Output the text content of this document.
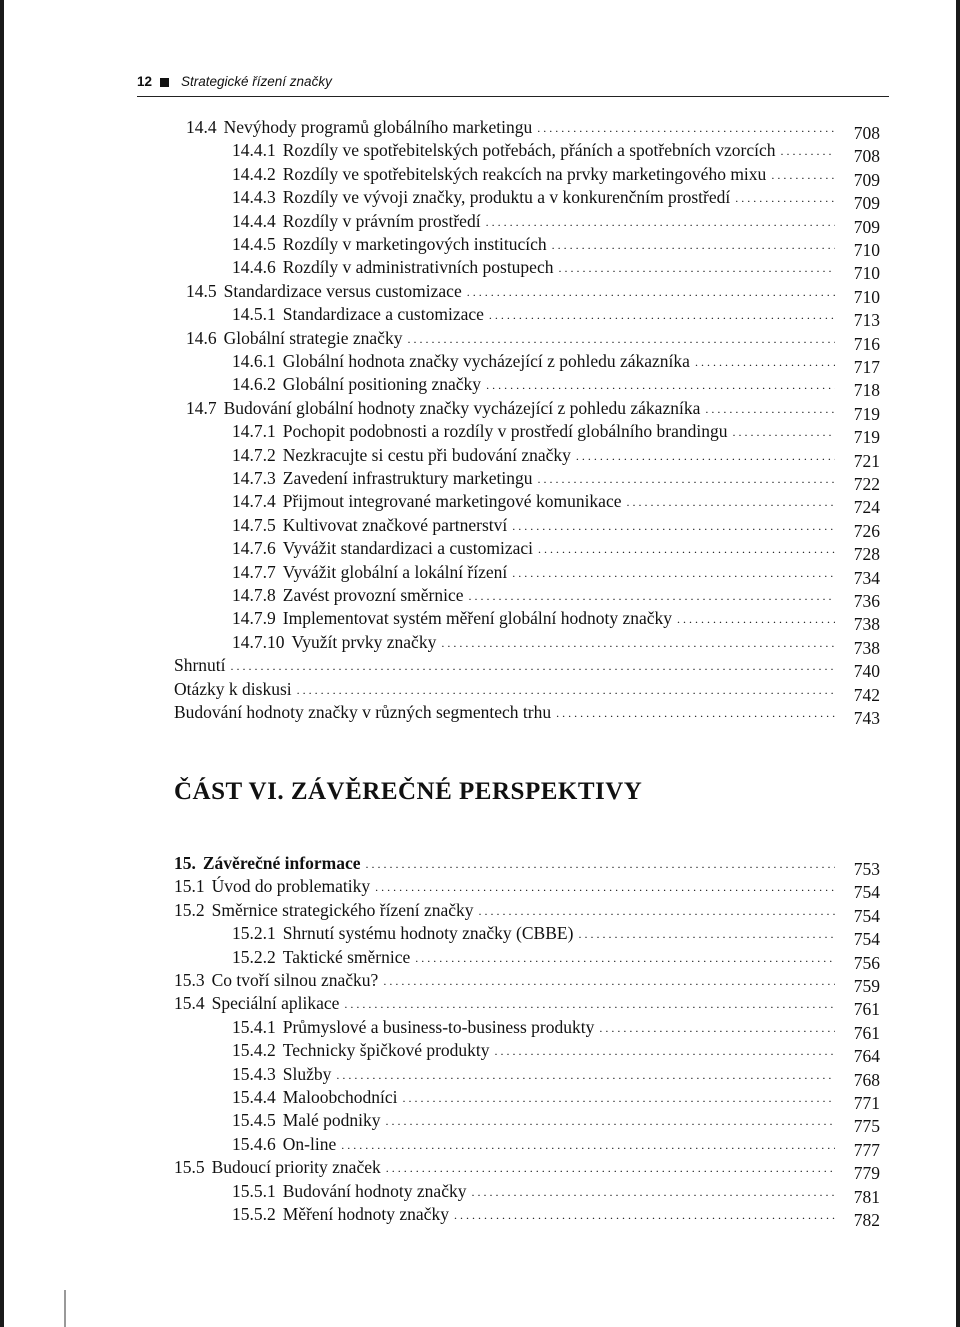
12 Strategické řízení značky
14.4 Nevýhody programů globálního marketingu . . .	708
14.4.1 Rozdíly ve spotřebitelských potřebách, přáních a spotřebních vzorcích . . .	708
14.4.2 Rozdíly ve spotřebitelských reakcích na prvky marketingového mixu . . .	709
14.4.3 Rozdíly ve vývoji značky, produktu a v konkurenčním prostředí . . .	709
14.4.4 Rozdíly v právním prostředí . . .	709
14.4.5 Rozdíly v marketingových institucích . . .	710
14.4.6 Rozdíly v administrativních postupech . . .	710
14.5 Standardizace versus customizace . . .	710
14.5.1 Standardizace a customizace . . .	713
14.6 Globální strategie značky . . .	716
14.6.1 Globální hodnota značky vycházející z pohledu zákazníka . . .	717
14.6.2 Globální positioning značky . . .	718
14.7 Budování globální hodnoty značky vycházející z pohledu zákazníka . . .	719
14.7.1 Pochopit podobnosti a rozdíly v prostředí globálního brandingu . . .	719
14.7.2 Nezkracujte si cestu při budování značky . . .	721
14.7.3 Zavedení infrastruktury marketingu . . .	722
14.7.4 Přijmout integrované marketingové komunikace . . .	724
14.7.5 Kultivovat značkové partnerství . . .	726
14.7.6 Vyvážit standardizaci a customizaci . . .	728
14.7.7 Vyvážit globální a lokální řízení . . .	734
14.7.8 Zavést provozní směrnice . . .	736
14.7.9 Implementovat systém měření globální hodnoty značky . . .	738
14.7.10 Využít prvky značky . . .	738
Shrnutí . . .	740
Otázky k diskusi . . .	742
Budování hodnoty značky v různých segmentech trhu . . .	743
ČÁST VI. ZÁVĚREČNÉ PERSPEKTIVY
15. Závěrečné informace . . .	753
15.1 Úvod do problematiky . . .	754
15.2 Směrnice strategického řízení značky . . .	754
15.2.1 Shrnutí systému hodnoty značky (CBBE) . . .	754
15.2.2 Taktické směrnice . . .	756
15.3 Co tvoří silnou značku? . . .	759
15.4 Speciální aplikace . . .	761
15.4.1 Průmyslové a business-to-business produkty . . .	761
15.4.2 Technicky špičkové produkty . . .	764
15.4.3 Služby . . .	768
15.4.4 Maloobchodníci . . .	771
15.4.5 Malé podniky . . .	775
15.4.6 On-line . . .	777
15.5 Budoucí priority značek . . .	779
15.5.1 Budování hodnoty značky . . .	781
15.5.2 Měření hodnoty značky . . .	782
